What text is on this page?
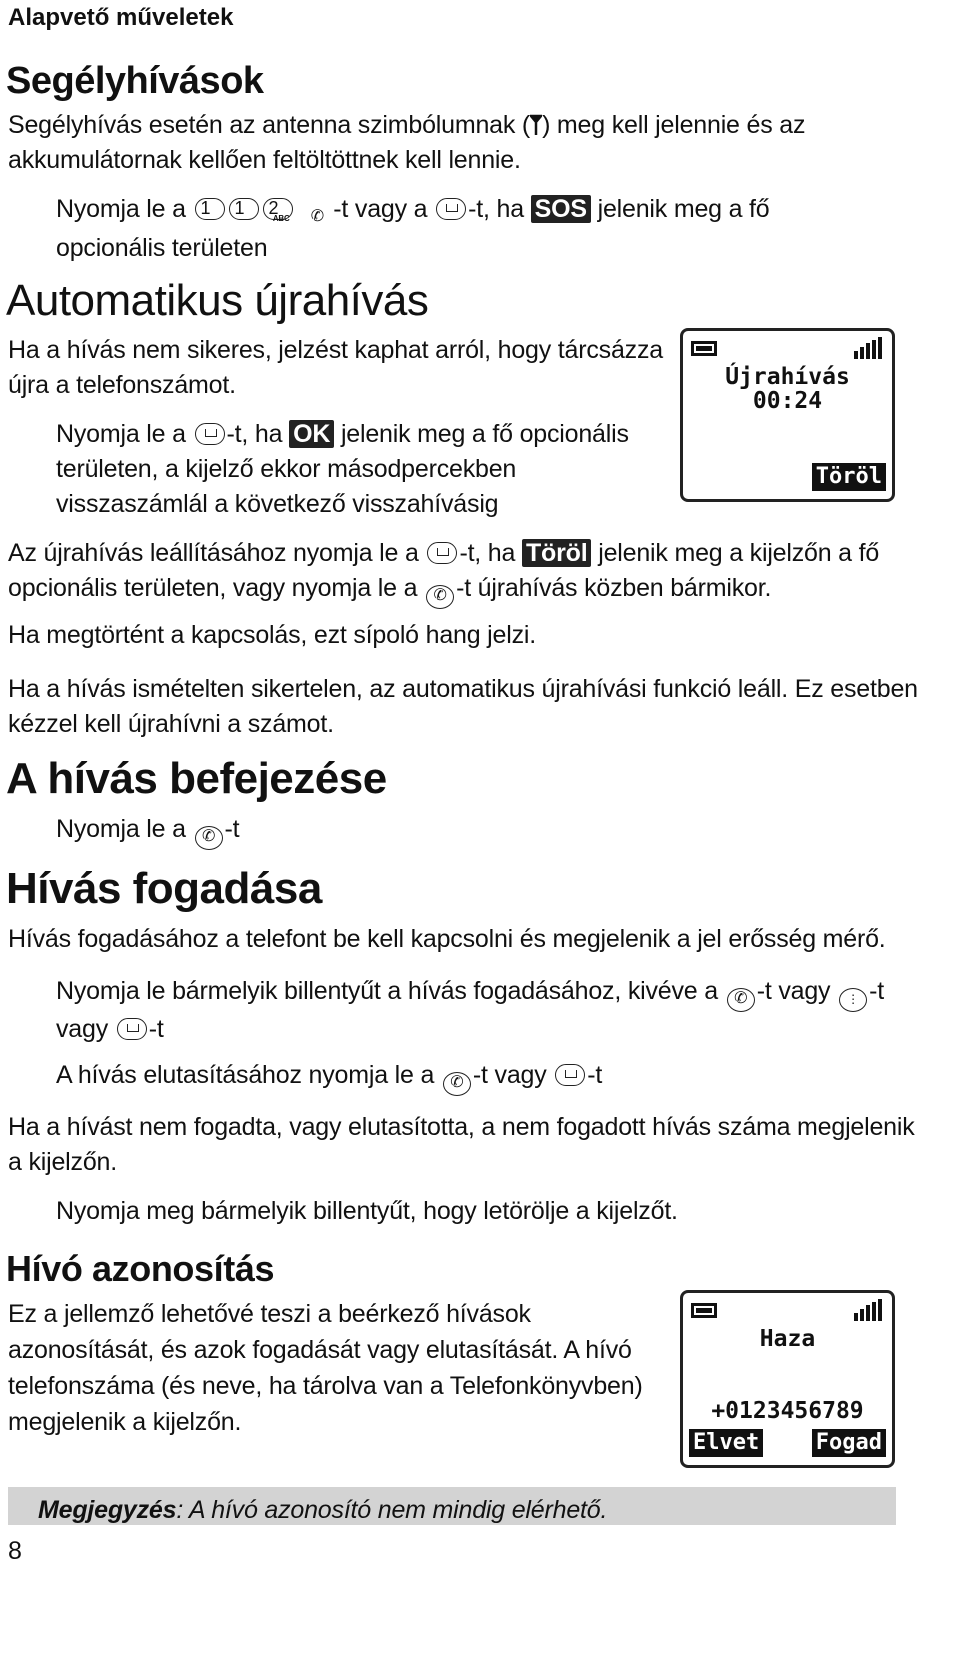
Alapvető műveletek
Segélyhívások
Segélyhívás esetén az antenna szimbólumnak ( ) meg kell jelennie és az
akkumulátornak kellően feltöltöttnek kell lennie.
Nyomja le a 1 1 2
ABC ✆ -t vagy a -t, ha SOS jelenik meg a fő
opcionális területen
Automatikus újrahívás
Ha a hívás nem sikeres, jelzést kaphat arról, hogy tárcsázza
újra a telefonszámot.
Nyomja le a -t, ha OK jelenik meg a fő opcionális
területen, a kijelző ekkor másodpercekben
visszaszámlál a következő visszahívásig
Újrahívás
00:24
Töröl
Az újrahívás leállításához nyomja le a -t, ha Töröl jelenik meg a kijelzőn a fő
opcionális területen, vagy nyomja le a ✆ -t újrahívás közben bármikor.
Ha megtörtént a kapcsolás, ezt sípoló hang jelzi.
Ha a hívás ismételten sikertelen, az automatikus újrahívási funkció leáll. Ez esetben
kézzel kell újrahívni a számot.
A hívás befejezése
Nyomja le a ✆ -t
Hívás fogadása
Hívás fogadásához a telefont be kell kapcsolni és megjelenik a jel erősség mérő.
Nyomja le bármelyik billentyűt a hívás fogadásához, kivéve a ✆ -t vagy ⋮ -t
vagy -t
A hívás elutasításához nyomja le a ✆ -t vagy -t
Ha a hívást nem fogadta, vagy elutasította, a nem fogadott hívás száma megjelenik
a kijelzőn.
Nyomja meg bármelyik billentyűt, hogy letörölje a kijelzőt.
Hívó azonosítás
Ez a jellemző lehetővé teszi a beérkező hívások
azonosítását, és azok fogadását vagy elutasítását. A hívó
telefonszáma (és neve, ha tárolva van a Telefonkönyvben)
megjelenik a kijelzőn.
Haza
+0123456789
Elvet	Fogad
Megjegyzés: A hívó azonosító nem mindig elérhető.
8
